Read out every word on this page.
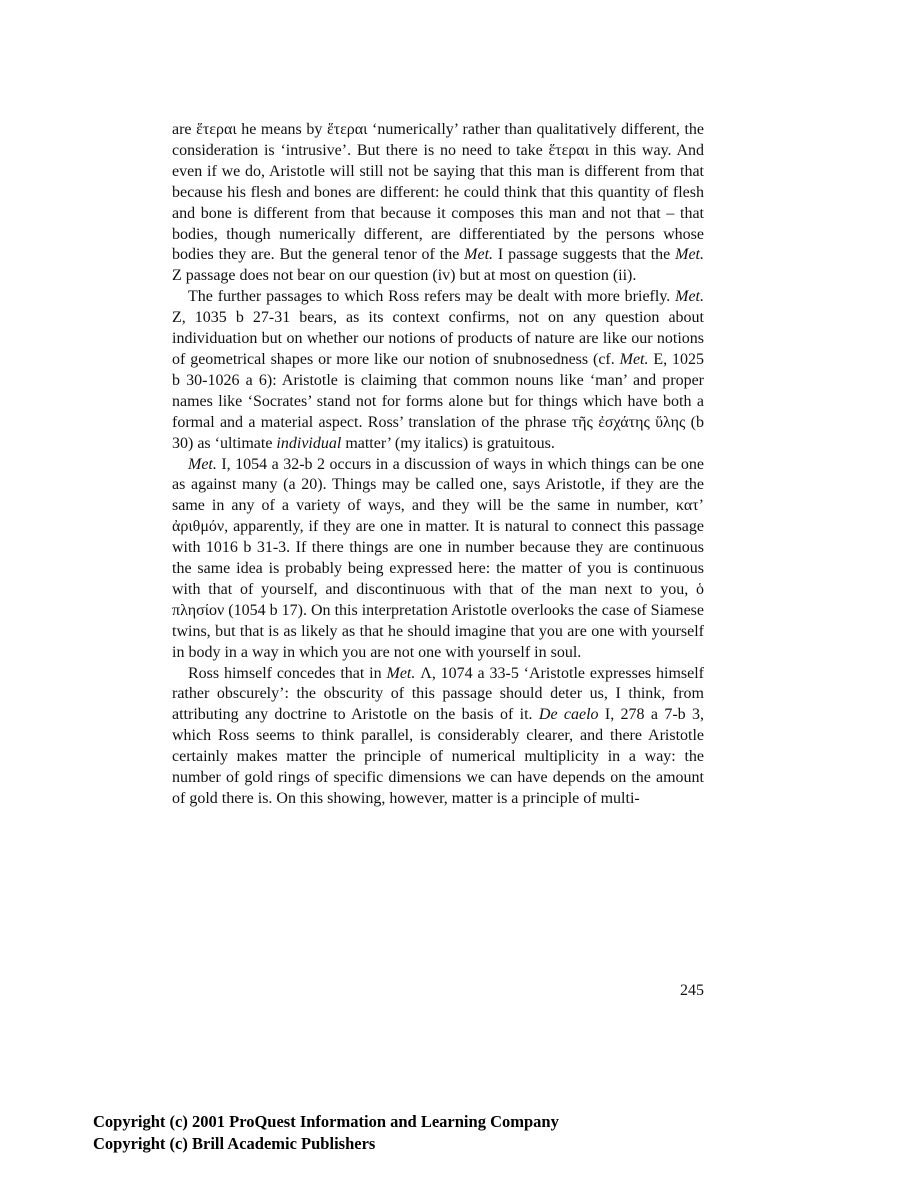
are ἕτεραι he means by ἕτεραι ‘numerically’ rather than qualitatively different, the consideration is ‘intrusive’. But there is no need to take ἕτεραι in this way. And even if we do, Aristotle will still not be saying that this man is different from that because his flesh and bones are different: he could think that this quantity of flesh and bone is different from that because it composes this man and not that – that bodies, though numerically different, are differentiated by the persons whose bodies they are. But the general tenor of the Met. I passage suggests that the Met. Z passage does not bear on our question (iv) but at most on question (ii).

The further passages to which Ross refers may be dealt with more briefly. Met. Z, 1035 b 27-31 bears, as its context confirms, not on any question about individuation but on whether our notions of products of nature are like our notions of geometrical shapes or more like our notion of snubnosedness (cf. Met. E, 1025 b 30-1026 a 6): Aristotle is claiming that common nouns like ‘man’ and proper names like ‘Socrates’ stand not for forms alone but for things which have both a formal and a material aspect. Ross’ translation of the phrase τῆς ἐσχάτης ὕλης (b 30) as ‘ultimate individual matter’ (my italics) is gratuitous.

Met. I, 1054 a 32-b 2 occurs in a discussion of ways in which things can be one as against many (a 20). Things may be called one, says Aristotle, if they are the same in any of a variety of ways, and they will be the same in number, κατ’ ἀριθμόν, apparently, if they are one in matter. It is natural to connect this passage with 1016 b 31-3. If there things are one in number because they are continuous the same idea is probably being expressed here: the matter of you is continuous with that of yourself, and discontinuous with that of the man next to you, ὁ πλησίον (1054 b 17). On this interpretation Aristotle overlooks the case of Siamese twins, but that is as likely as that he should imagine that you are one with yourself in body in a way in which you are not one with yourself in soul.

Ross himself concedes that in Met. Λ, 1074 a 33-5 ‘Aristotle expresses himself rather obscurely’: the obscurity of this passage should deter us, I think, from attributing any doctrine to Aristotle on the basis of it. De caelo I, 278 a 7-b 3, which Ross seems to think parallel, is considerably clearer, and there Aristotle certainly makes matter the principle of numerical multiplicity in a way: the number of gold rings of specific dimensions we can have depends on the amount of gold there is. On this showing, however, matter is a principle of multi-

245
Copyright (c) 2001 ProQuest Information and Learning Company
Copyright (c) Brill Academic Publishers
